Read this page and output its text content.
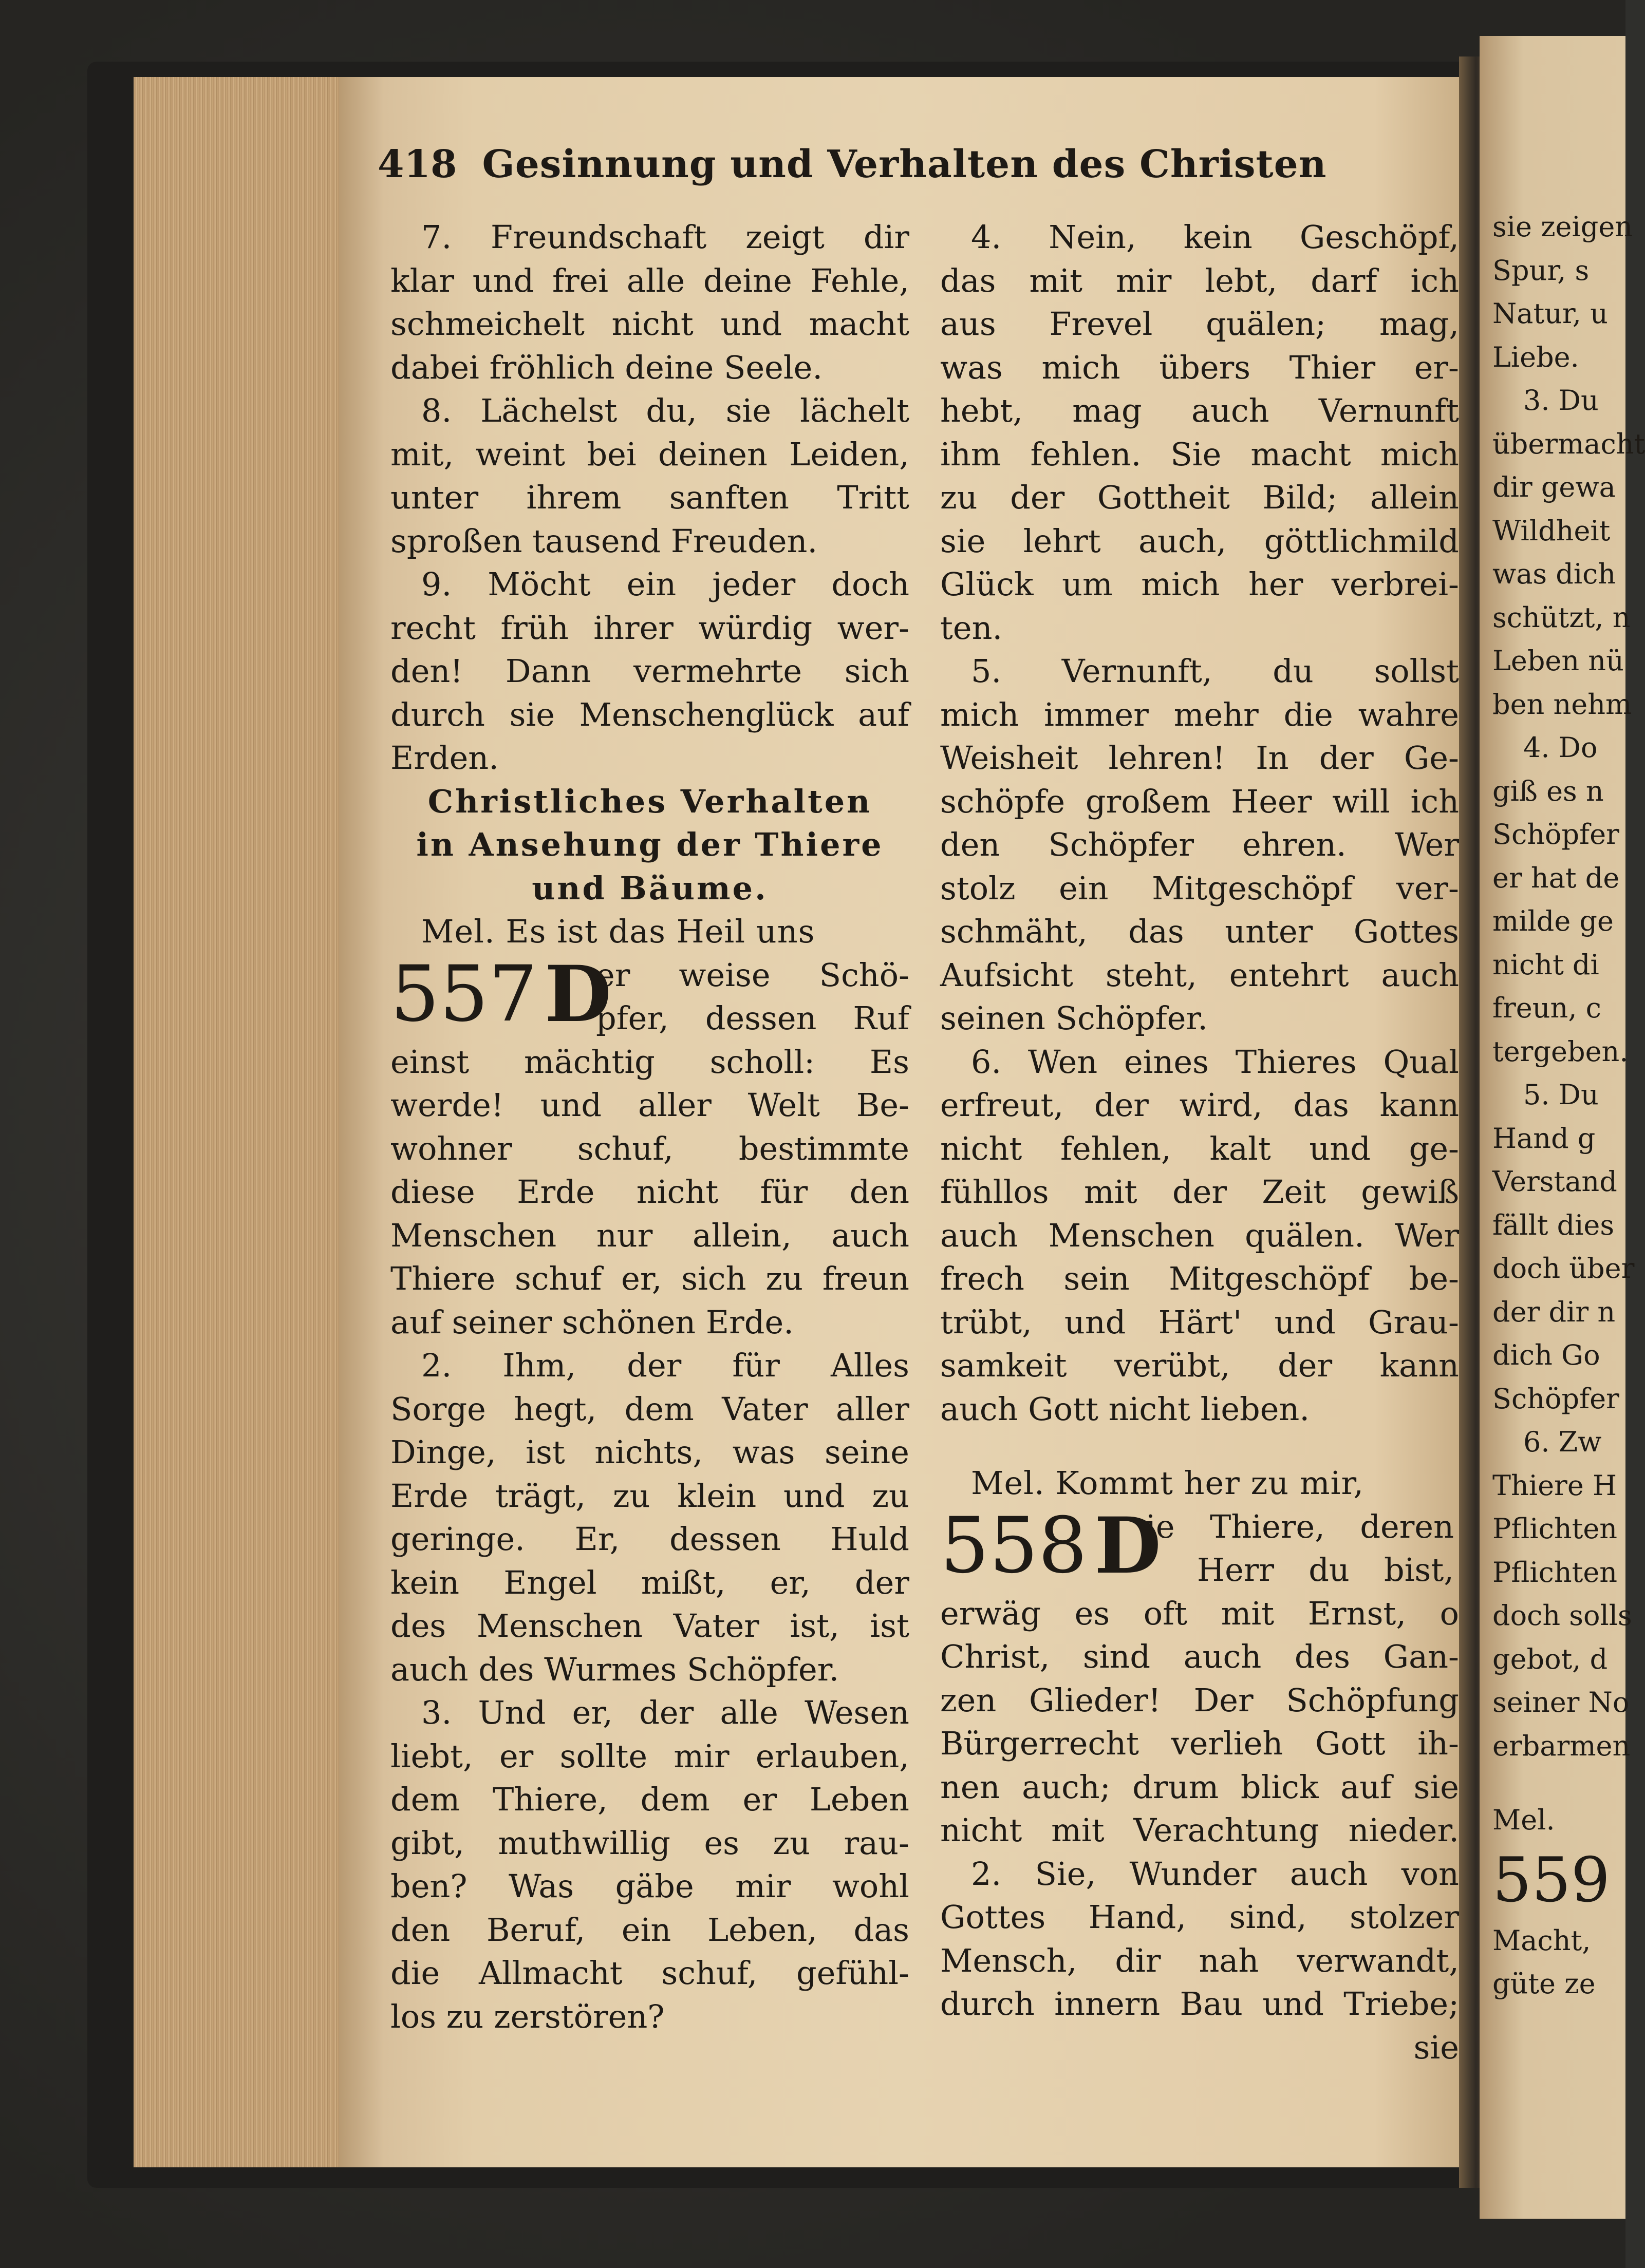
418 Gesinnung und Verhalten des Christen
7. Freundschaft zeigt dir
klar und frei alle deine Fehle,
schmeichelt nicht und macht
dabei fröhlich deine Seele.
8. Lächelst du, sie lächelt
mit, weint bei deinen Leiden,
unter ihrem sanften Tritt
sproßen tausend Freuden.
9. Möcht ein jeder doch
recht früh ihrer würdig wer-
den! Dann vermehrte sich
durch sie Menschenglück auf
Erden.
Christliches Verhalten
in Ansehung der Thiere
und Bäume.
Mel. Es ist das Heil uns
557 D
er weise Schö-
pfer, dessen Ruf
einst mächtig scholl: Es
werde! und aller Welt Be-
wohner schuf, bestimmte
diese Erde nicht für den
Menschen nur allein, auch
Thiere schuf er, sich zu freun
auf seiner schönen Erde.
2. Ihm, der für Alles
Sorge hegt, dem Vater aller
Dinge, ist nichts, was seine
Erde trägt, zu klein und zu
geringe. Er, dessen Huld
kein Engel mißt, er, der
des Menschen Vater ist, ist
auch des Wurmes Schöpfer.
3. Und er, der alle Wesen
liebt, er sollte mir erlauben,
dem Thiere, dem er Leben
gibt, muthwillig es zu rau-
ben? Was gäbe mir wohl
den Beruf, ein Leben, das
die Allmacht schuf, gefühl-
los zu zerstören?
4. Nein, kein Geschöpf,
das mit mir lebt, darf ich
aus Frevel quälen; mag,
was mich übers Thier er-
hebt, mag auch Vernunft
ihm fehlen. Sie macht mich
zu der Gottheit Bild; allein
sie lehrt auch, göttlichmild
Glück um mich her verbrei-
ten.
5. Vernunft, du sollst
mich immer mehr die wahre
Weisheit lehren! In der Ge-
schöpfe großem Heer will ich
den Schöpfer ehren. Wer
stolz ein Mitgeschöpf ver-
schmäht, das unter Gottes
Aufsicht steht, entehrt auch
seinen Schöpfer.
6. Wen eines Thieres Qual
erfreut, der wird, das kann
nicht fehlen, kalt und ge-
fühllos mit der Zeit gewiß
auch Menschen quälen. Wer
frech sein Mitgeschöpf be-
trübt, und Härt' und Grau-
samkeit verübt, der kann
auch Gott nicht lieben.
Mel. Kommt her zu mir,
558 D
ie Thiere, deren
Herr du bist,
erwäg es oft mit Ernst, o
Christ, sind auch des Gan-
zen Glieder! Der Schöpfung
Bürgerrecht verlieh Gott ih-
nen auch; drum blick auf sie
nicht mit Verachtung nieder.
2. Sie, Wunder auch von
Gottes Hand, sind, stolzer
Mensch, dir nah verwandt,
durch innern Bau und Triebe;
sie
sie zeigen
Spur, s
Natur, u
Liebe.
3. Du
übermacht
dir gewa
Wildheit
was dich
schützt, n
Leben nü
ben nehm
4. Do
giß es n
Schöpfer
er hat de
milde ge
nicht di
freun, c
tergeben.
5. Du
Hand g
Verstand
fällt dies
doch über
der dir n
dich Go
Schöpfer
6. Zw
Thiere H
Pflichten
Pflichten
doch solls
gebot, d
seiner No
erbarmen
Mel.
559
Macht,
güte ze
